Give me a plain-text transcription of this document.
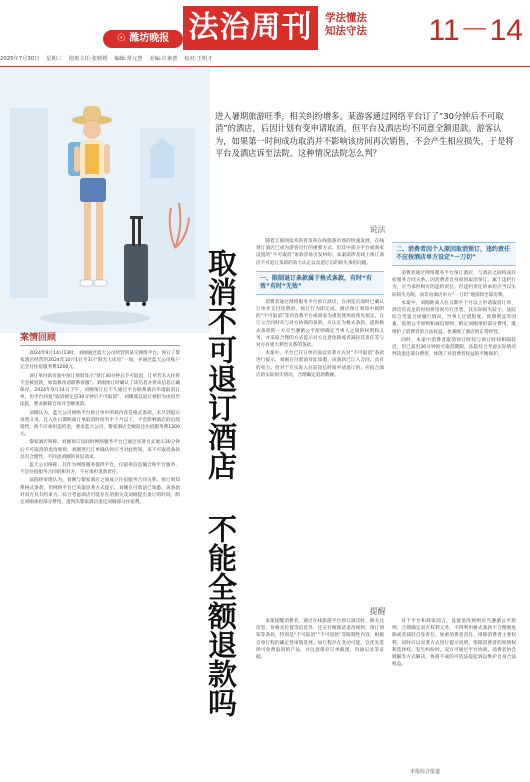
☉ 潍坊晚报 法治周刊	学法懂法
知法守法	11－14
2025年7月30日 星期三 值班主任:张媛媛 编辑:常元慧 美编:许素蕾 校对:王明才
进入暑期旅游旺季，相关纠纷增多。某游客通过网络平台订了“30分钟后不可取消”的酒店，后因计划有变申请取消，但平台及酒店均不同意全额退款。游客认为，如果第一时间成功取消并不影响该房间再次销售，不会产生相应损失，于是将平台及酒店诉至法院。这种情况法院怎么判？
取消不可退订酒店 不能全额退款吗
案情回顾

2024年9月14日13时，刘刚通过蓝天公司经营的某交网络平台，预订了黎家酒店经营的2024年10月1日至3日“阳光大床房”一间，并通过蓝天公司账户完全付住宿服务费1200元。

该订单付款页面中预订须知显示“预订30分钟后不可取消，订单若未入住将不会被退款，如需修改请联系客服”。刘刚预订时确认了该信息并将该信息正确保存。2024年9月14日下午，刘刚预订后不久通过平台联系酒店申请取消订单，但平台回复“取消规定是30分钟后不可取消”，刘刚遂以退订被拒为由诉至法院，要求解除合同并全额退款。

刘刚认为，蓝天公司网络平台预订单中所载内容是格式条款，未尽到提示说明义务，且入住日期距离订单取消时间有半个月以上，不会影响酒店的后续销售，故不应承担违约金，要求蓝天公司、黎家酒店全额返还住宿服务费1200元。

黎家酒店辩称，刘刚预订房间时网络服务平台已通过显著方式展示30分钟后不可取消的退改规则，刘刚进行订单确认时应当对此明知，该不可取消条款具有合理性，不同意刘刚的诉讼请求。

蓝天公司辩称，其作为网络服务提供平台，仅提供信息撮合和平台服务，不是住宿服务合同的相对方，不应承担退款责任。

法院经审理认为，刘刚与黎家酒店之间成立住宿服务合同关系。预订须知系格式条款，但网络平台已采取显著方式提示，刘刚在付款前已知悉，该条款对双方具有约束力。综合考虑酒店可能存在的损失及刘刚提出退订的时间，酌定刘刚承担部分费用，遂判决黎家酒店退还刘刚部分住宿费。

说法

随着互联网技术的普及和在线旅游市场的快速发展，在线预订酒店已成为游客出行的重要方式。但其中部分平台或商家设置的“不可取消”条款容易引发纠纷。本案即涉及线上预订酒店不可退订条款的效力认定以及退订后的损失承担问题。

一、限制退订条款属于格式条款，有时“有效”有时“无效”

消费者通过网络服务平台预订酒店，在浏览页面时已确认订单并支付房费的，预订行为即完成。酒店预订须知中载明的“不可取消”等内容系平台或商家为重复使用而预先拟定、在订立合同时未与对方协商的条款，应认定为格式条款。提供格式条款的一方应当遵循公平原则确定当事人之间的权利和义务，并采取合理的方式提示对方注意免除或者减轻其责任等与对方有重大利害关系的条款。

本案中，平台已在订单页面以显著方式对“不可取消”条款进行提示，刘刚在付款前对此知悉，该条款已订入合同，具有约束力。但对于在实际入住前较长时间申请退订的，应结合酒店的实际损失情况，合理确定退款数额。

二、消费者因个人原因取消预订，违约责任不应按酒店单方设定“一刀切”

消费者通过网络服务平台预订酒店，与酒店之间构成住宿服务合同关系。因消费者自身原因取消预订，属于违约行为，应当承担相应的违约责任。但违约责任的承担应当以实际损失为限，而非由酒店单方“一刀切”地扣除全部房费。

本案中，刘刚距离入住日期半个月以上申请取消订单，酒店有充足的时间将房间另行出售，其实际损失较小。法院综合考量合同履行情况、当事人过错程度、预期利益等因素，依照公平原则和诚信原则，酌定刘刚承担部分费用，既维护了消费者的合法权益，也兼顾了酒店的正常经营。

同时，本案中消费者取消预订时间与预订时间相隔较近，但已超出30分钟的可取消期限，法院综合考虑实际情况判决退还部分费用，体现了对消费者权益的平衡保护。

提醒

本案提醒消费者，通过在线旅游平台预订酒店时，除关注房型、价格及位置等信息外，还应仔细阅读退改规则、预订须知等条款，特别是“不可取消”“不可退款”等限制性内容，根据自身行程的确定性审慎选择。如行程存在变动可能，宜优先选择可免费取消的产品，并注意保存订单截图、沟通记录等证据。

对于平台和商家而言，设置退改规则应当遵循公平原则，合理确定双方权利义务，不得利用格式条款不合理地免除或者减轻自身责任、加重消费者责任、排除消费者主要权利，同时应以显著方式进行提示说明，保障消费者的知情权和选择权。发生纠纷时，双方可通过平台协商、消费者协会调解等方式解决，协商不成的可依法提起诉讼维护自身合法权益。

本报综合报道
